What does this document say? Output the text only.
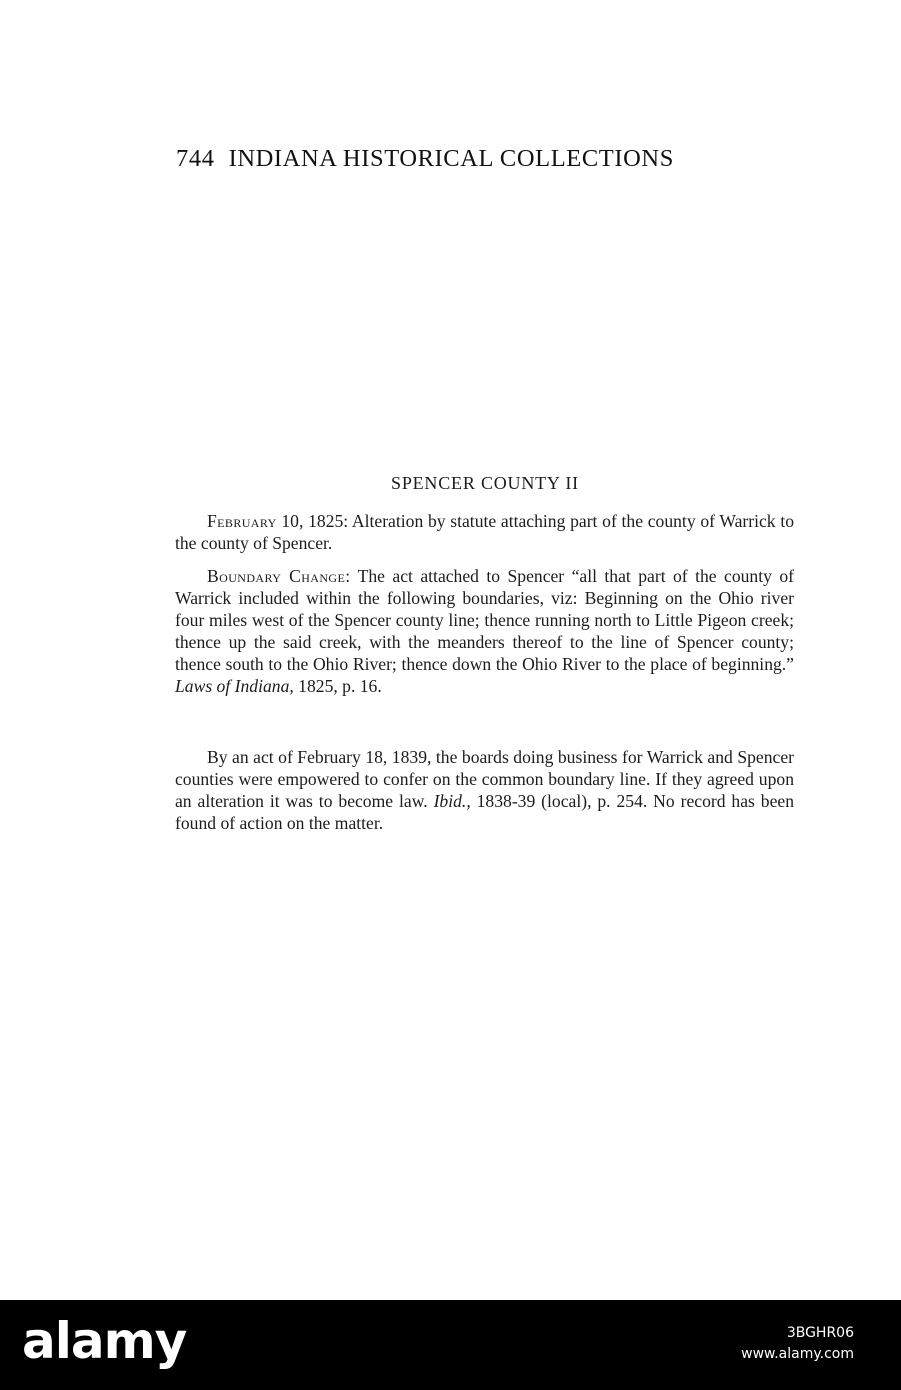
744 INDIANA HISTORICAL COLLECTIONS
SPENCER COUNTY II

February 10, 1825: Alteration by statute attaching part of the county of Warrick to the county of Spencer.

Boundary Change: The act attached to Spencer “all that part of the county of Warrick included within the following boundaries, viz: Beginning on the Ohio river four miles west of the Spencer county line; thence running north to Little Pigeon creek; thence up the said creek, with the meanders thereof to the line of Spencer county; thence south to the Ohio River; thence down the Ohio River to the place of beginning.” Laws of Indiana, 1825, p. 16.

By an act of February 18, 1839, the boards doing business for Warrick and Spencer counties were empowered to confer on the common boundary line. If they agreed upon an alteration it was to become law. Ibid., 1838-39 (local), p. 254. No record has been found of action on the matter.

alamy	3BGHR06
www.alamy.com
